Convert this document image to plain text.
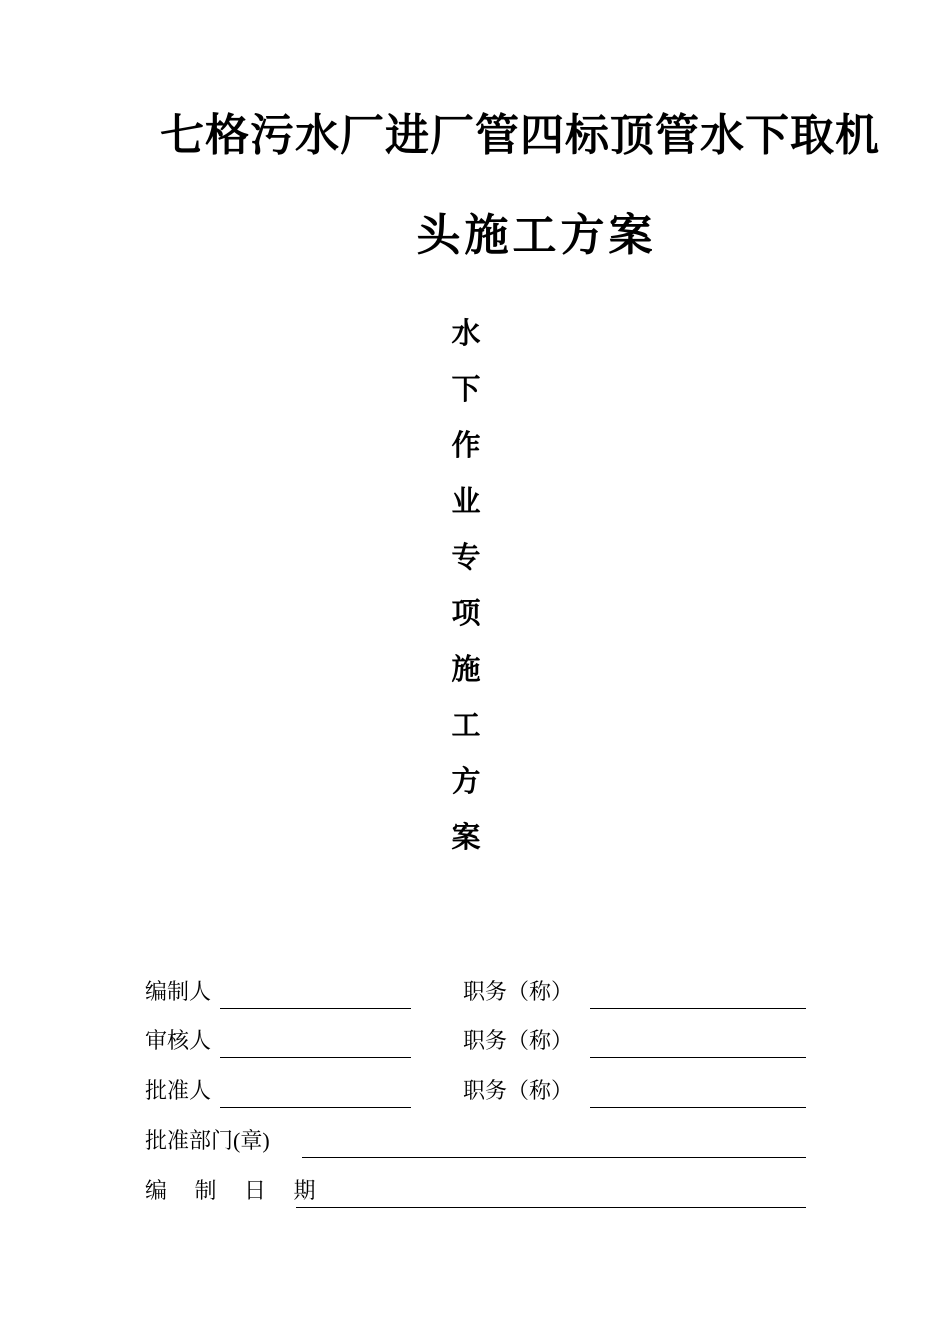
七格污水厂进厂管四标顶管水下取机
头施工方案
水
下
作
业
专
项
施
工
方
案
编制人	职务（称）
审核人	职务（称）
批准人	职务（称）
批准部门(章)
编 制 日 期
